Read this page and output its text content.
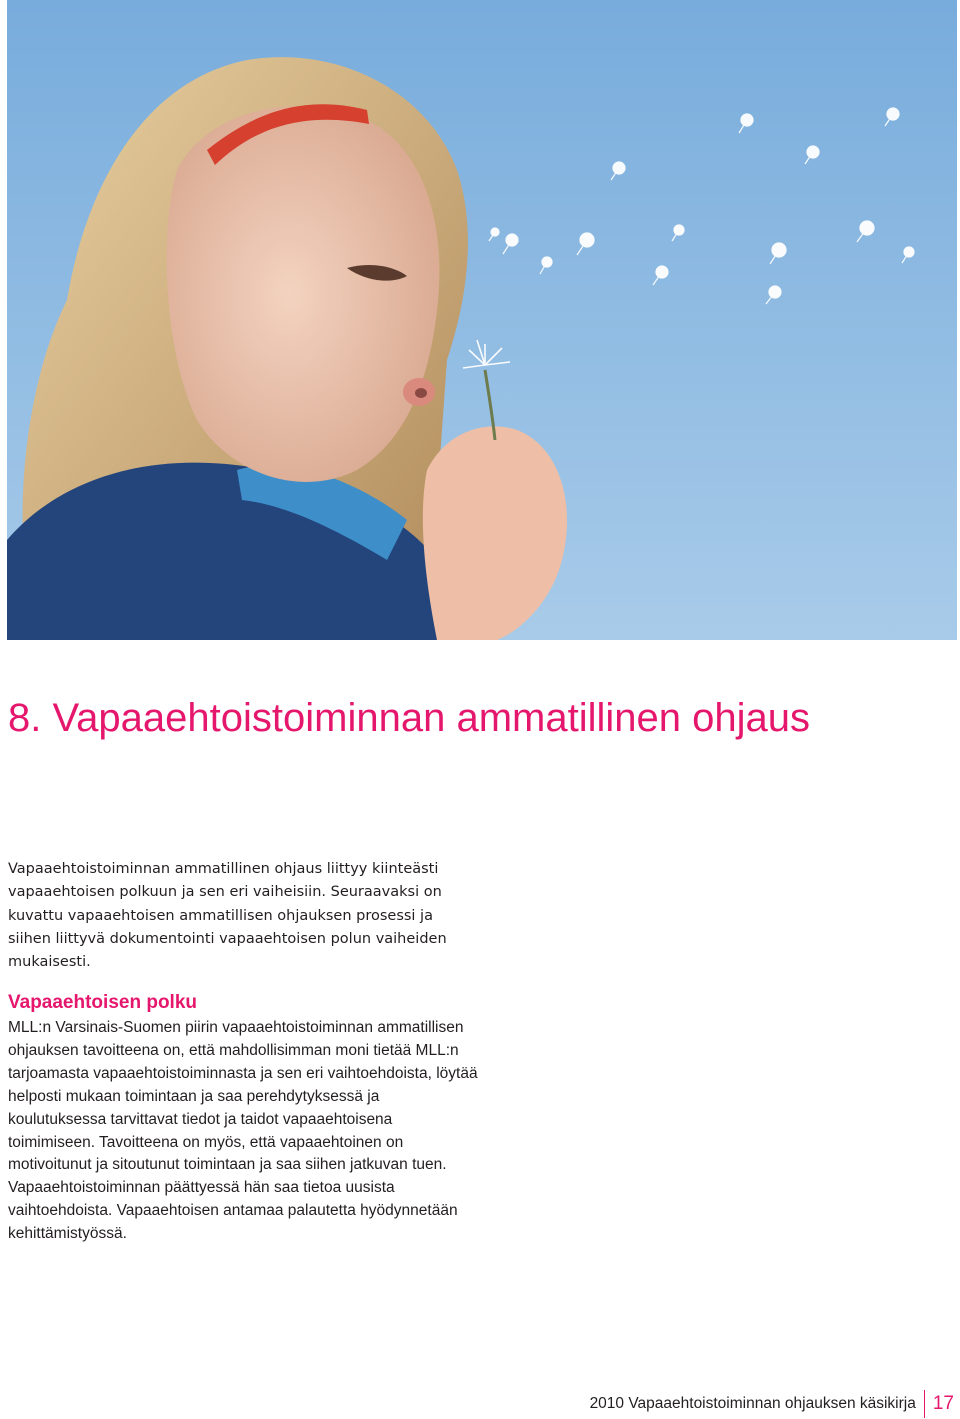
8. Vapaaehtoistoiminnan ammatillinen ohjaus

Vapaaehtoistoiminnan ammatillinen ohjaus liittyy kiinteästi vapaaehtoisen polkuun ja sen eri vaiheisiin. Seuraavaksi on kuvattu vapaaehtoisen ammatillisen ohjauksen prosessi ja siihen liittyvä dokumentointi vapaaehtoisen polun vaiheiden mukaisesti.

Vapaaehtoisen polku

MLL:n Varsinais-Suomen piirin vapaaehtoistoiminnan ammatillisen ohjauksen tavoitteena on, että mahdollisimman moni tietää MLL:n tarjoamasta vapaaehtoistoiminnasta ja sen eri vaihtoehdoista, löytää helposti mukaan toimintaan ja saa perehdytyksessä ja koulutuksessa tarvittavat tiedot ja taidot vapaaehtoisena toimimiseen. Tavoitteena on myös, että vapaaehtoinen on motivoitunut ja sitoutunut toimintaan ja saa siihen jatkuvan tuen. Vapaaehtoistoiminnan päättyessä hän saa tietoa uusista vaihtoehdoista. Vapaaehtoisen antamaa palautetta hyödynnetään kehittämistyössä.

2010 Vapaaehtoistoiminnan ohjauksen käsikirja 17
